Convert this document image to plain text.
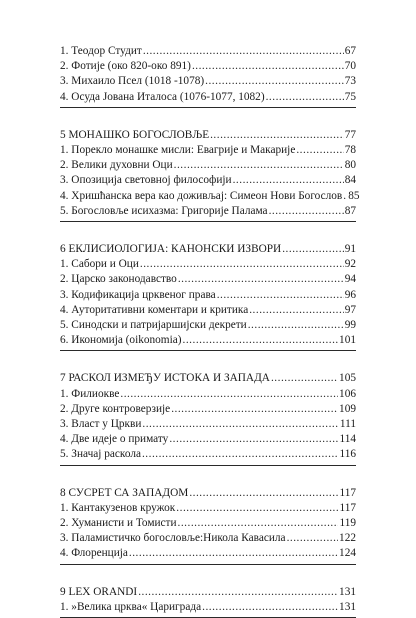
1. Теодор Студит .....	67
2. Фотије (око 820-око 891) .....	70
3. Михаило Псел (1018 -1078) .....	73
4. Осуда Јована Италоса (1076-1077, 1082) .....	75
5 МОНАШКО БОГОСЛОВЉЕ .....	77
1. Порекло монашке мисли: Евагрије и Макарије .....	78
2. Велики духовни Оци .....	80
3. Опозиција световној философији .....	84
4. Хришћанска вера као доживљај: Симеон Нови Богослов ..... 85
5. Богословље исихазма: Григорије Палама .....	87
6 ЕКЛИСИОЛОГИЈА: КАНОНСКИ ИЗВОРИ .....	91
1. Сабори и Оци .....	92
2. Царско законодавство .....	94
3. Кодификација црквеног права .....	96
4. Ауторитативни коментари и критика .....	97
5. Синодски и патријаршијски декрети .....	99
6. Икономија (oikonomia) .....	101
7 РАСКОЛ ИЗМЕЂУ ИСТОКА И ЗАПАДА .....	105
1. Филиокве .....	106
2. Друге контроверзије .....	109
3. Власт у Цркви .....	111
4. Две идеје о примату .....	114
5. Значај раскола .....	116
8 СУСРЕТ СА ЗАПАДОМ .....	117
1. Кантакузенов кружок .....	117
2. Хуманисти и Томисти .....	119
3. Паламистичко богословље:Никола Кавасила .....	122
4. Флоренција .....	124
9 LEX ORANDI .....	131
1. »Велика црква« Цариграда .....	131
